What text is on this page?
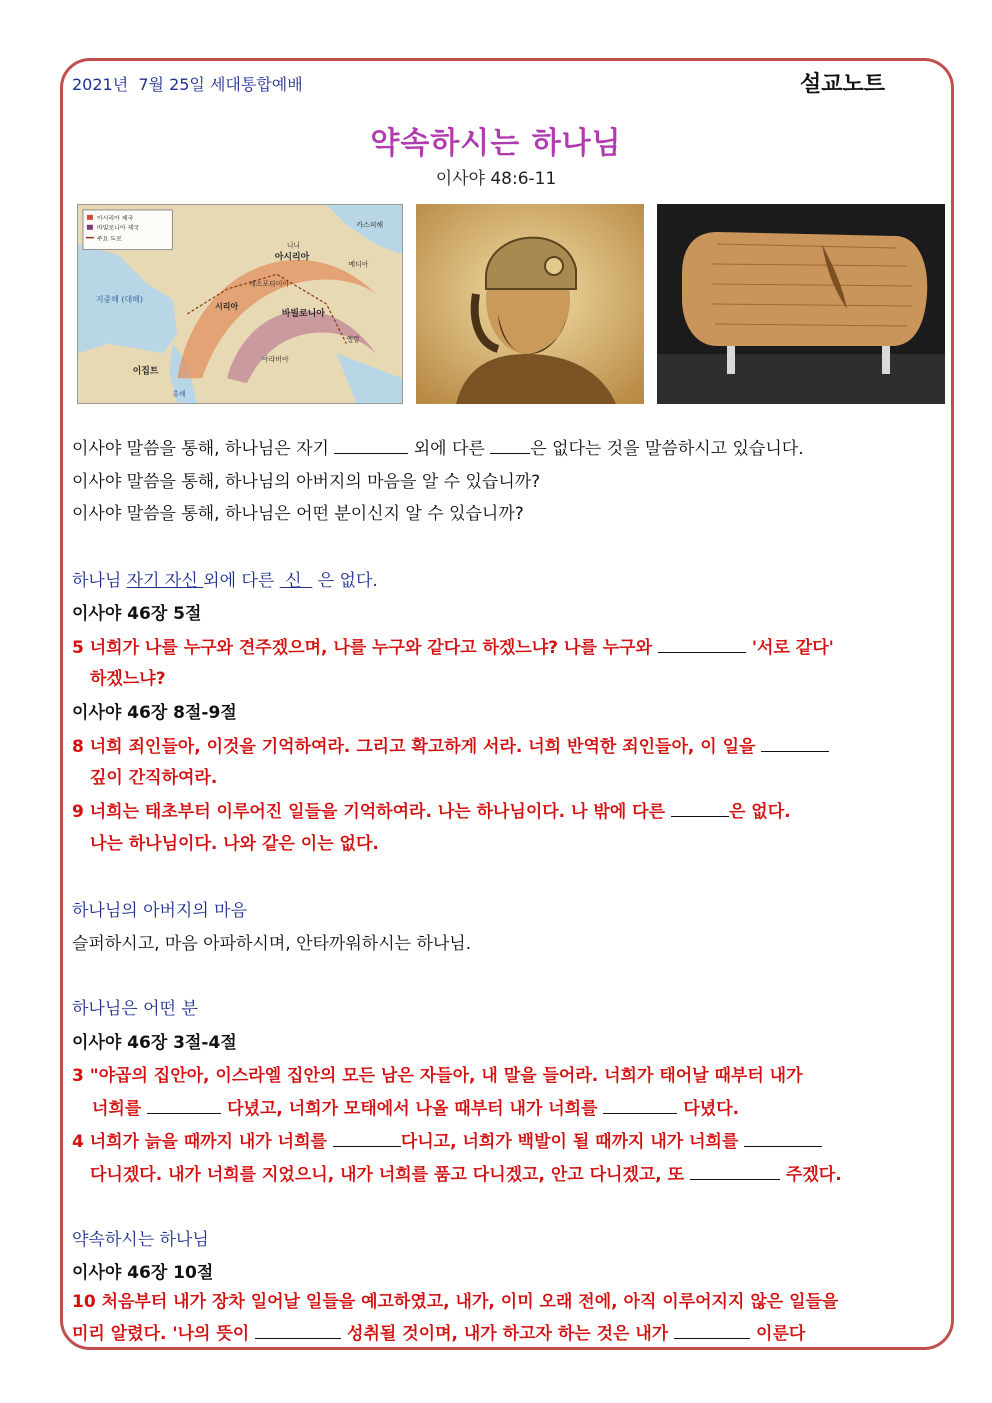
2021년  7월 25일 세대통합예배	설교노트
약속하시는 하나님
이사야 48:6-11
아시리아 제국
바빌로니아 제국
주요 도로
카스피해
메디아
아시리아
니니
메소포타미아
시리아
바빌로니아
지중해 (대해)
이집트
아라비아
엘람
홍해
이사야 말씀을 통해, 하나님은 자기	외에 다른 은 없다는 것을 말씀하시고 있습니다.
이사야 말씀을 통해, 하나님의 아버지의 마음을 알 수 있습니까?
이사야 말씀을 통해, 하나님은 어떤 분이신지 알 수 있습니까?
하나님 자기 자신 외에 다른  신   은 없다.
이사야 46장 5절
5 너희가 나를 누구와 견주겠으며, 나를 누구와 같다고 하겠느냐? 나를 누구와	'서로 같다'
하겠느냐?
이사야 46장 8절-9절
8 너희 죄인들아, 이것을 기억하여라. 그리고 확고하게 서라. 너희 반역한 죄인들아, 이 일을
깊이 간직하여라.
9 너희는 태초부터 이루어진 일들을 기억하여라. 나는 하나님이다. 나 밖에 다른	은 없다.
나는 하나님이다. 나와 같은 이는 없다.
하나님의 아버지의 마음
슬퍼하시고, 마음 아파하시며, 안타까워하시는 하나님.
하나님은 어떤 분
이사야 46장 3절-4절
3 "야곱의 집안아, 이스라엘 집안의 모든 남은 자들아, 내 말을 들어라. 너희가 태어날 때부터 내가
너희를	다녔고, 너희가 모태에서 나올 때부터 내가 너희를	다녔다.
4 너희가 늙을 때까지 내가 너희를	다니고, 너희가 백발이 될 때까지 내가 너희를
다니겠다. 내가 너희를 지었으니, 내가 너희를 품고 다니겠고, 안고 다니겠고, 또	주겠다.
약속하시는 하나님
이사야 46장 10절
10 처음부터 내가 장차 일어날 일들을 예고하였고, 내가, 이미 오래 전에, 아직 이루어지지 않은 일들을
미리 알렸다. '나의 뜻이	성취될 것이며, 내가 하고자 하는 것은 내가	이룬다
